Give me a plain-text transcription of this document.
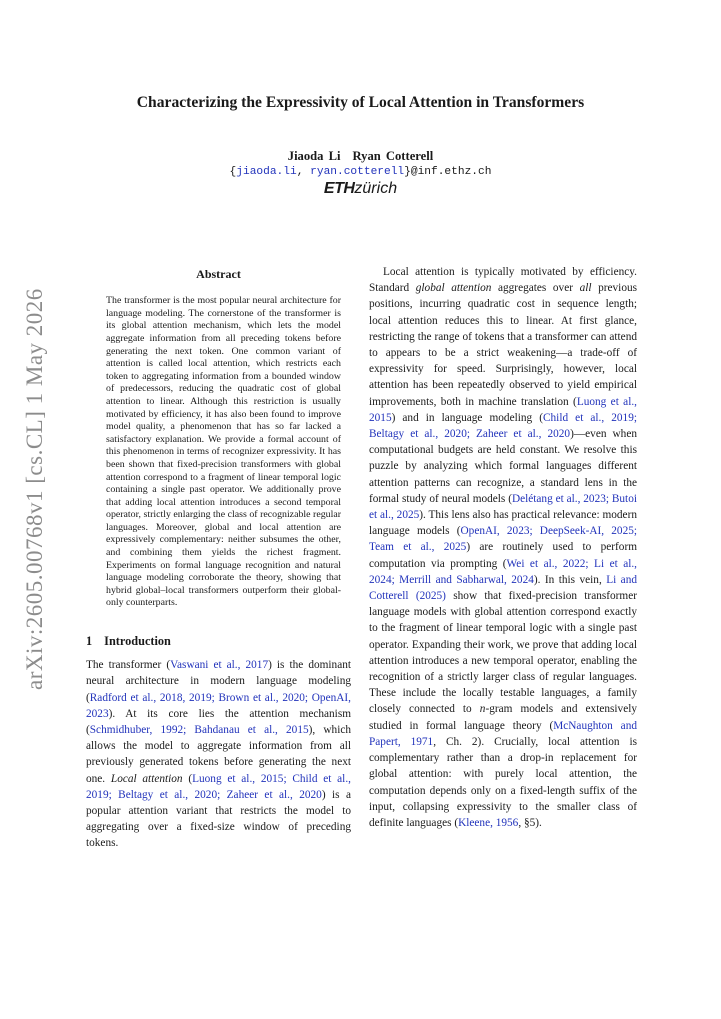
arXiv:2605.00768v1 [cs.CL] 1 May 2026
Characterizing the Expressivity of Local Attention in Transformers
Jiaoda Li Ryan Cotterell
{jiaoda.li, ryan.cotterell}@inf.ethz.ch
ETHzürich
Abstract

The transformer is the most popular neural architecture for language modeling. The cornerstone of the transformer is its global attention mechanism, which lets the model aggregate information from all preceding tokens before generating the next token. One common variant of attention is called local attention, which restricts each token to aggregating information from a bounded window of predecessors, reducing the quadratic cost of global attention to linear. Although this restriction is usually motivated by efficiency, it has also been found to improve model quality, a phenomenon that has so far lacked a satisfactory explanation. We provide a formal account of this phenomenon in terms of recognizer expressivity. It has been shown that fixed-precision transformers with global attention correspond to a fragment of linear temporal logic containing a single past operator. We additionally prove that adding local attention introduces a second temporal operator, strictly enlarging the class of recognizable regular languages. Moreover, global and local attention are expressively complementary: neither subsumes the other, and combining them yields the richest fragment. Experiments on formal language recognition and natural language modeling corroborate the theory, showing that hybrid global–local transformers outperform their global-only counterparts.

1 Introduction

The transformer (Vaswani et al., 2017) is the dominant neural architecture in modern language modeling (Radford et al., 2018, 2019; Brown et al., 2020; OpenAI, 2023). At its core lies the attention mechanism (Schmidhuber, 1992; Bahdanau et al., 2015), which allows the model to aggregate information from all previously generated tokens before generating the next one. Local attention (Luong et al., 2015; Child et al., 2019; Beltagy et al., 2020; Zaheer et al., 2020) is a popular attention variant that restricts the model to aggregating over a fixed-size window of preceding tokens.

Local attention is typically motivated by efficiency. Standard global attention aggregates over all previous positions, incurring quadratic cost in sequence length; local attention reduces this to linear. At first glance, restricting the range of tokens that a transformer can attend to appears to be a strict weakening—a trade-off of expressivity for speed. Surprisingly, however, local attention has been repeatedly observed to yield empirical improvements, both in machine translation (Luong et al., 2015) and in language modeling (Child et al., 2019; Beltagy et al., 2020; Zaheer et al., 2020)—even when computational budgets are held constant. We resolve this puzzle by analyzing which formal languages different attention patterns can recognize, a standard lens in the formal study of neural models (Delétang et al., 2023; Butoi et al., 2025). This lens also has practical relevance: modern language models (OpenAI, 2023; DeepSeek-AI, 2025; Team et al., 2025) are routinely used to perform computation via prompting (Wei et al., 2022; Li et al., 2024; Merrill and Sabharwal, 2024). In this vein, Li and Cotterell (2025) show that fixed-precision transformer language models with global attention correspond exactly to the fragment of linear temporal logic with a single past operator. Expanding their work, we prove that adding local attention introduces a new temporal operator, enabling the recognition of a strictly larger class of regular languages. These include the locally testable languages, a family closely connected to n-gram models and extensively studied in formal language theory (McNaughton and Papert, 1971, Ch. 2). Crucially, local attention is complementary rather than a drop-in replacement for global attention: with purely local attention, the computation depends only on a fixed-length suffix of the input, collapsing expressivity to the smaller class of definite languages (Kleene, 1956, §5).
